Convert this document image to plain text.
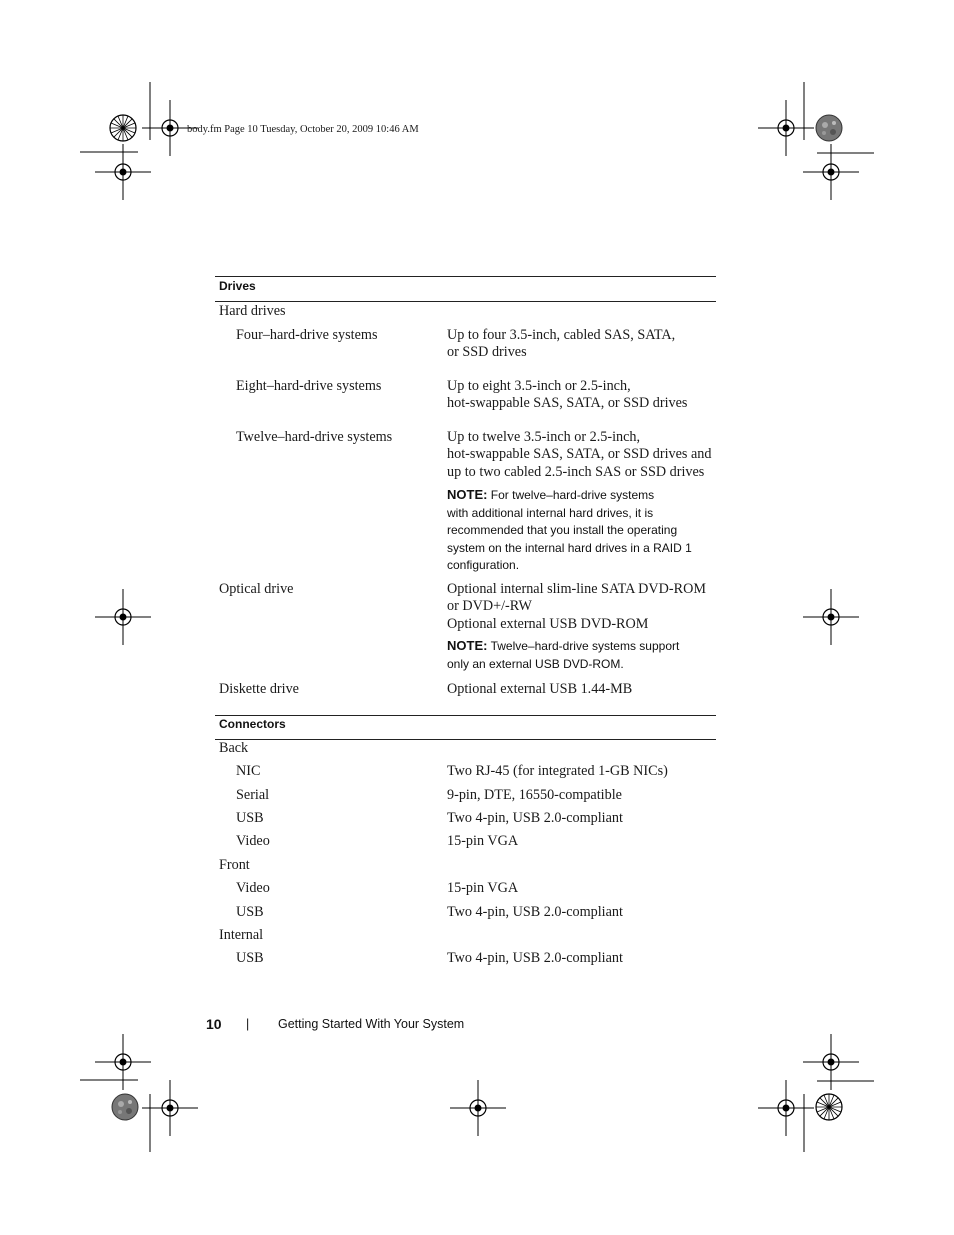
body.fm Page 10 Tuesday, October 20, 2009 10:46 AM
Drives
Hard drives
Four–hard-drive systems	Up to four 3.5-inch, cabled SAS, SATA,
or SSD drives
Eight–hard-drive systems	Up to eight 3.5-inch or 2.5-inch,
hot-swappable SAS, SATA, or SSD drives
Twelve–hard-drive systems	Up to twelve 3.5-inch or 2.5-inch,
hot-swappable SAS, SATA, or SSD drives and
up to two cabled 2.5-inch SAS or SSD drives
NOTE: For twelve–hard-drive systems
with additional internal hard drives, it is
recommended that you install the operating
system on the internal hard drives in a RAID 1
configuration.
Optical drive	Optional internal slim-line SATA DVD-ROM
or DVD+/-RW
Optional external USB DVD-ROM
NOTE: Twelve–hard-drive systems support
only an external USB DVD-ROM.
Diskette drive	Optional external USB 1.44-MB
Connectors
Back
NIC	Two RJ-45 (for integrated 1-GB NICs)
Serial	9-pin, DTE, 16550-compatible
USB	Two 4-pin, USB 2.0-compliant
Video	15-pin VGA
Front
Video	15-pin VGA
USB	Two 4-pin, USB 2.0-compliant
Internal
USB	Two 4-pin, USB 2.0-compliant
10 | Getting Started With Your System
